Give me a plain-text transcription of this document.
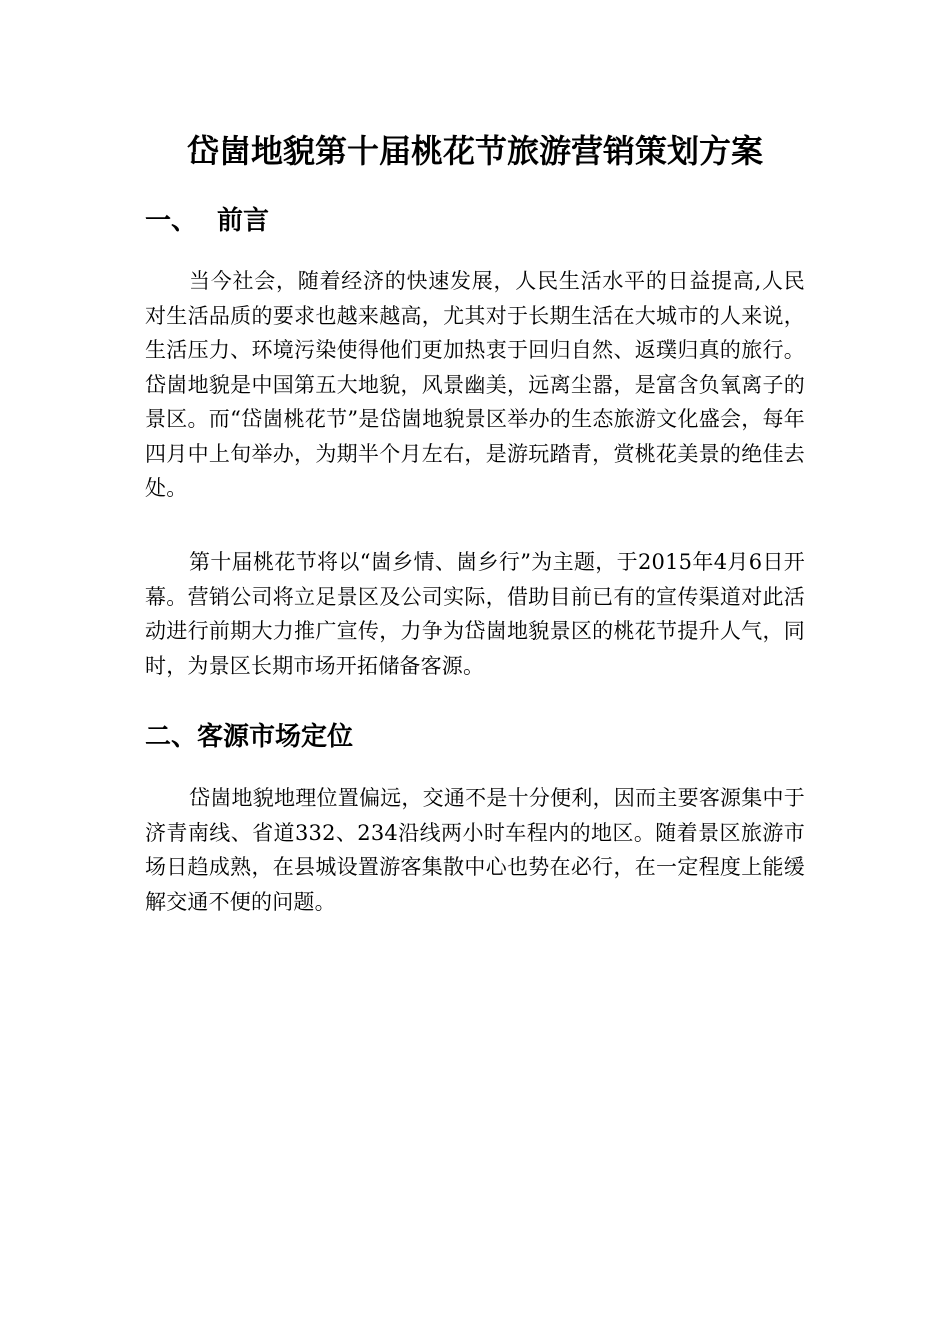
岱崮地貌第十届桃花节旅游营销策划方案
一、 前言

当今社会，随着经济的快速发展，人民生活水平的日益提高,人民对生活品质的要求也越来越高，尤其对于长期生活在大城市的人来说，生活压力、环境污染使得他们更加热衷于回归自然、返璞归真的旅行。岱崮地貌是中国第五大地貌，风景幽美，远离尘嚣，是富含负氧离子的景区。而“岱崮桃花节”是岱崮地貌景区举办的生态旅游文化盛会，每年四月中上旬举办，为期半个月左右，是游玩踏青，赏桃花美景的绝佳去处。

第十届桃花节将以“崮乡情、崮乡行”为主题，于2015年4月6日开幕。营销公司将立足景区及公司实际，借助目前已有的宣传渠道对此活动进行前期大力推广宣传，力争为岱崮地貌景区的桃花节提升人气，同时，为景区长期市场开拓储备客源。

二、客源市场定位

岱崮地貌地理位置偏远，交通不是十分便利，因而主要客源集中于济青南线、省道332、234沿线两小时车程内的地区。随着景区旅游市场日趋成熟，在县城设置游客集散中心也势在必行，在一定程度上能缓解交通不便的问题。
